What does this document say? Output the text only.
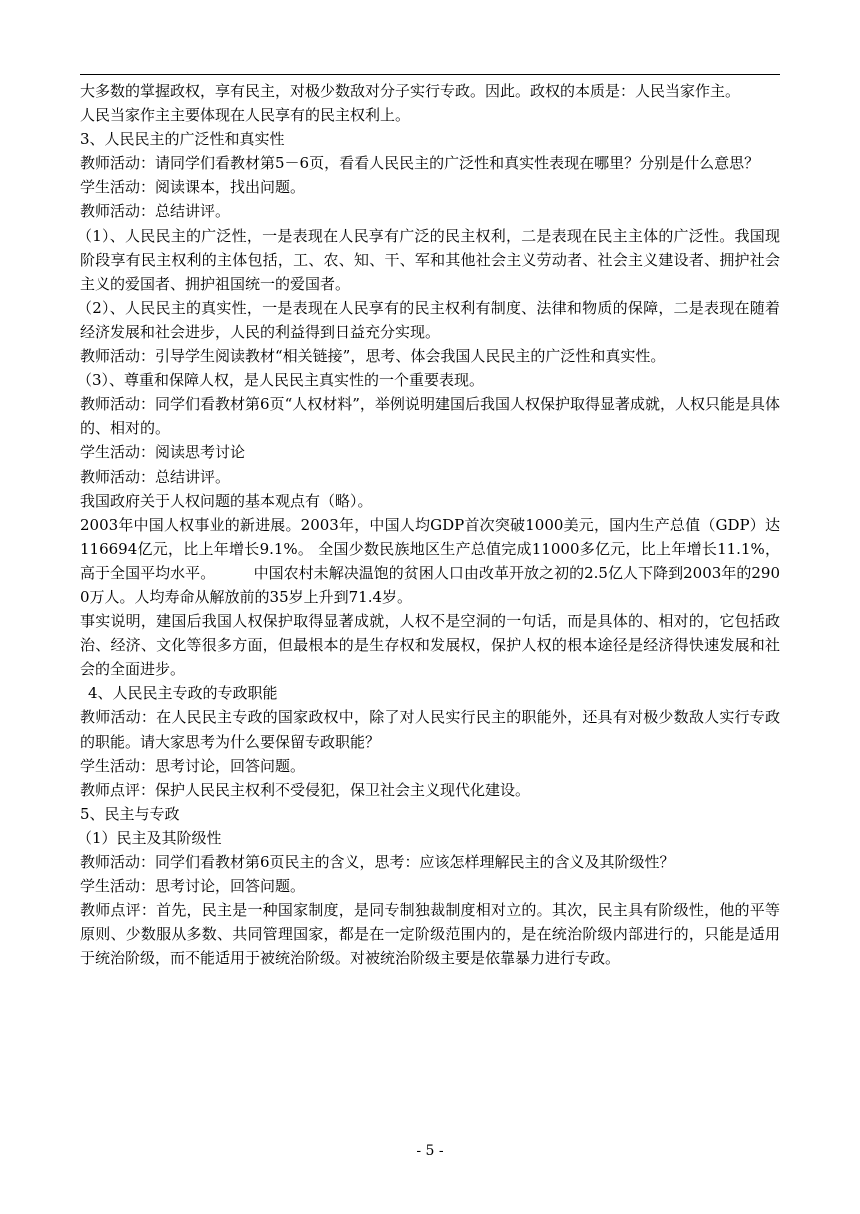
大多数的掌握政权，享有民主，对极少数敌对分子实行专政。因此。政权的本质是：人民当家作主。

人民当家作主主要体现在人民享有的民主权利上。

3、人民民主的广泛性和真实性

教师活动：请同学们看教材第5－6页，看看人民民主的广泛性和真实性表现在哪里？分别是什么意思？

学生活动：阅读课本，找出问题。

教师活动：总结讲评。

（1）、人民民主的广泛性，一是表现在人民享有广泛的民主权利，二是表现在民主主体的广泛性。我国现阶段享有民主权利的主体包括，工、农、知、干、军和其他社会主义劳动者、社会主义建设者、拥护社会主义的爱国者、拥护祖国统一的爱国者。

（2）、人民民主的真实性，一是表现在人民享有的民主权利有制度、法律和物质的保障，二是表现在随着经济发展和社会进步，人民的利益得到日益充分实现。

教师活动：引导学生阅读教材“相关链接”，思考、体会我国人民民主的广泛性和真实性。

（3）、尊重和保障人权，是人民民主真实性的一个重要表现。

教师活动：同学们看教材第6页“人权材料”，举例说明建国后我国人权保护取得显著成就，人权只能是具体的、相对的。

学生活动：阅读思考讨论

教师活动：总结讲评。

我国政府关于人权问题的基本观点有（略）。

2003年中国人权事业的新进展。2003年，中国人均GDP首次突破1000美元，国内生产总值（GDP）达116694亿元，比上年增长9.1%。 全国少数民族地区生产总值完成11000多亿元，比上年增长11.1%，高于全国平均水平。        中国农村未解决温饱的贫困人口由改革开放之初的2.5亿人下降到2003年的2900万人。人均寿命从解放前的35岁上升到71.4岁。

事实说明，建国后我国人权保护取得显著成就，人权不是空洞的一句话，而是具体的、相对的，它包括政治、经济、文化等很多方面，但最根本的是生存权和发展权，保护人权的根本途径是经济得快速发展和社会的全面进步。

4、人民民主专政的专政职能

教师活动：在人民民主专政的国家政权中，除了对人民实行民主的职能外，还具有对极少数敌人实行专政的职能。请大家思考为什么要保留专政职能？

学生活动：思考讨论，回答问题。

教师点评：保护人民民主权利不受侵犯，保卫社会主义现代化建设。

5、民主与专政

（1）民主及其阶级性

教师活动：同学们看教材第6页民主的含义，思考：应该怎样理解民主的含义及其阶级性？

学生活动：思考讨论，回答问题。

教师点评：首先，民主是一种国家制度，是同专制独裁制度相对立的。其次，民主具有阶级性，他的平等原则、少数服从多数、共同管理国家，都是在一定阶级范围内的，是在统治阶级内部进行的，只能是适用于统治阶级，而不能适用于被统治阶级。对被统治阶级主要是依靠暴力进行专政。

- 5 -
